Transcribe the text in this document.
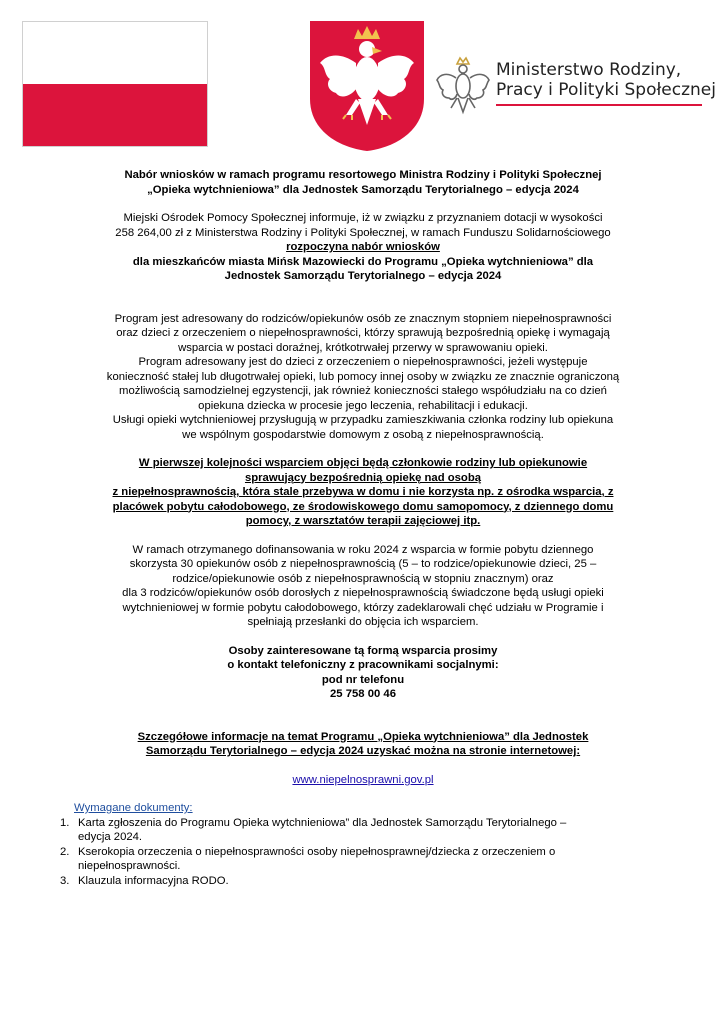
Ministerstwo Rodziny,
Pracy i Polityki Społecznej

Nabór wniosków w ramach programu resortowego Ministra Rodziny i Polityki Społecznej

„Opieka wytchnieniowa” dla Jednostek Samorządu Terytorialnego – edycja 2024

Miejski Ośrodek Pomocy Społecznej informuje, iż w związku z przyznaniem dotacji w wysokości

258 264,00 zł z Ministerstwa Rodziny i Polityki Społecznej, w ramach Funduszu Solidarnościowego

rozpoczyna nabór wniosków

dla mieszkańców miasta Mińsk Mazowiecki do Programu „Opieka wytchnieniowa” dla

Jednostek Samorządu Terytorialnego – edycja 2024

Program jest adresowany do rodziców/opiekunów osób ze znacznym stopniem niepełnosprawności

oraz dzieci z orzeczeniem o niepełnosprawności, którzy sprawują bezpośrednią opiekę i wymagają

wsparcia w postaci doraźnej, krótkotrwałej przerwy w sprawowaniu opieki.

Program adresowany jest do dzieci z orzeczeniem o niepełnosprawności, jeżeli występuje

konieczność stałej lub długotrwałej opieki, lub pomocy innej osoby w związku ze znacznie ograniczoną

możliwością samodzielnej egzystencji, jak również konieczności stałego współudziału na co dzień

opiekuna dziecka w procesie jego leczenia, rehabilitacji i edukacji.

Usługi opieki wytchnieniowej przysługują w przypadku zamieszkiwania członka rodziny lub opiekuna

we wspólnym gospodarstwie domowym z osobą z niepełnosprawnością.

W pierwszej kolejności wsparciem objęci będą członkowie rodziny lub opiekunowie

sprawujący bezpośrednią opiekę nad osobą

z niepełnosprawnością, która stale przebywa w domu i nie korzysta np. z ośrodka wsparcia, z

placówek pobytu całodobowego, ze środowiskowego domu samopomocy, z dziennego domu

pomocy, z warsztatów terapii zajęciowej itp.

W ramach otrzymanego dofinansowania w roku 2024 z wsparcia w formie pobytu dziennego

skorzysta 30 opiekunów osób z niepełnosprawnością (5 – to rodzice/opiekunowie dzieci, 25 –

rodzice/opiekunowie osób z niepełnosprawnością w stopniu znacznym) oraz

dla 3 rodziców/opiekunów osób dorosłych z niepełnosprawnością świadczone będą usługi opieki

wytchnieniowej w formie pobytu całodobowego, którzy zadeklarowali chęć udziału w Programie i

spełniają przesłanki do objęcia ich wsparciem.

Osoby zainteresowane tą formą wsparcia prosimy

o kontakt telefoniczny z pracownikami socjalnymi:

pod nr telefonu

25 758 00 46

Szczegółowe informacje na temat Programu „Opieka wytchnieniowa” dla Jednostek

Samorządu Terytorialnego – edycja 2024 uzyskać można na stronie internetowej:

www.niepelnosprawni.gov.pl

Wymagane dokumenty:

1. Karta zgłoszenia do Programu Opieka wytchnieniowa” dla Jednostek Samorządu Terytorialnego –
edycja 2024.
2. Kserokopia orzeczenia o niepełnosprawności osoby niepełnosprawnej/dziecka z orzeczeniem o
niepełnosprawności.
3. Klauzula informacyjna RODO.
